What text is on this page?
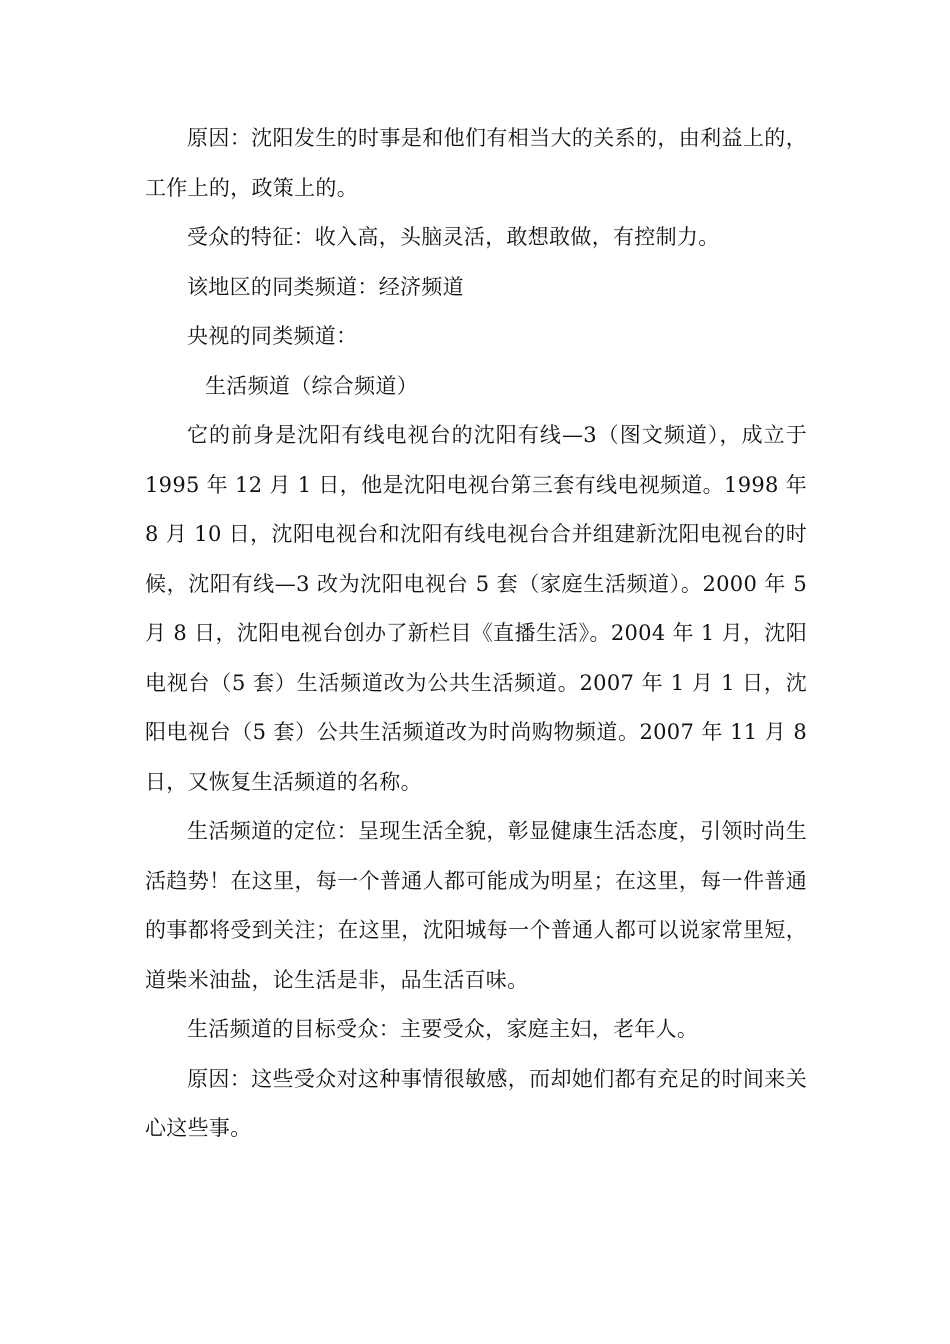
原因：沈阳发生的时事是和他们有相当大的关系的，由利益上的，工作上的，政策上的。

受众的特征：收入高，头脑灵活，敢想敢做，有控制力。

该地区的同类频道：经济频道

央视的同类频道：

生活频道（综合频道）

它的前身是沈阳有线电视台的沈阳有线—3（图文频道），成立于 1995 年 12 月 1 日，他是沈阳电视台第三套有线电视频道。1998 年 8 月 10 日，沈阳电视台和沈阳有线电视台合并组建新沈阳电视台的时候，沈阳有线—3 改为沈阳电视台 5 套（家庭生活频道）。2000 年 5 月 8 日，沈阳电视台创办了新栏目《直播生活》。2004 年 1 月，沈阳电视台（5 套）生活频道改为公共生活频道。2007 年 1 月 1 日，沈阳电视台（5 套）公共生活频道改为时尚购物频道。2007 年 11 月 8 日，又恢复生活频道的名称。

生活频道的定位：呈现生活全貌，彰显健康生活态度，引领时尚生活趋势！在这里，每一个普通人都可能成为明星；在这里，每一件普通的事都将受到关注；在这里，沈阳城每一个普通人都可以说家常里短，道柴米油盐，论生活是非，品生活百味。

生活频道的目标受众：主要受众，家庭主妇，老年人。

原因：这些受众对这种事情很敏感，而却她们都有充足的时间来关心这些事。
